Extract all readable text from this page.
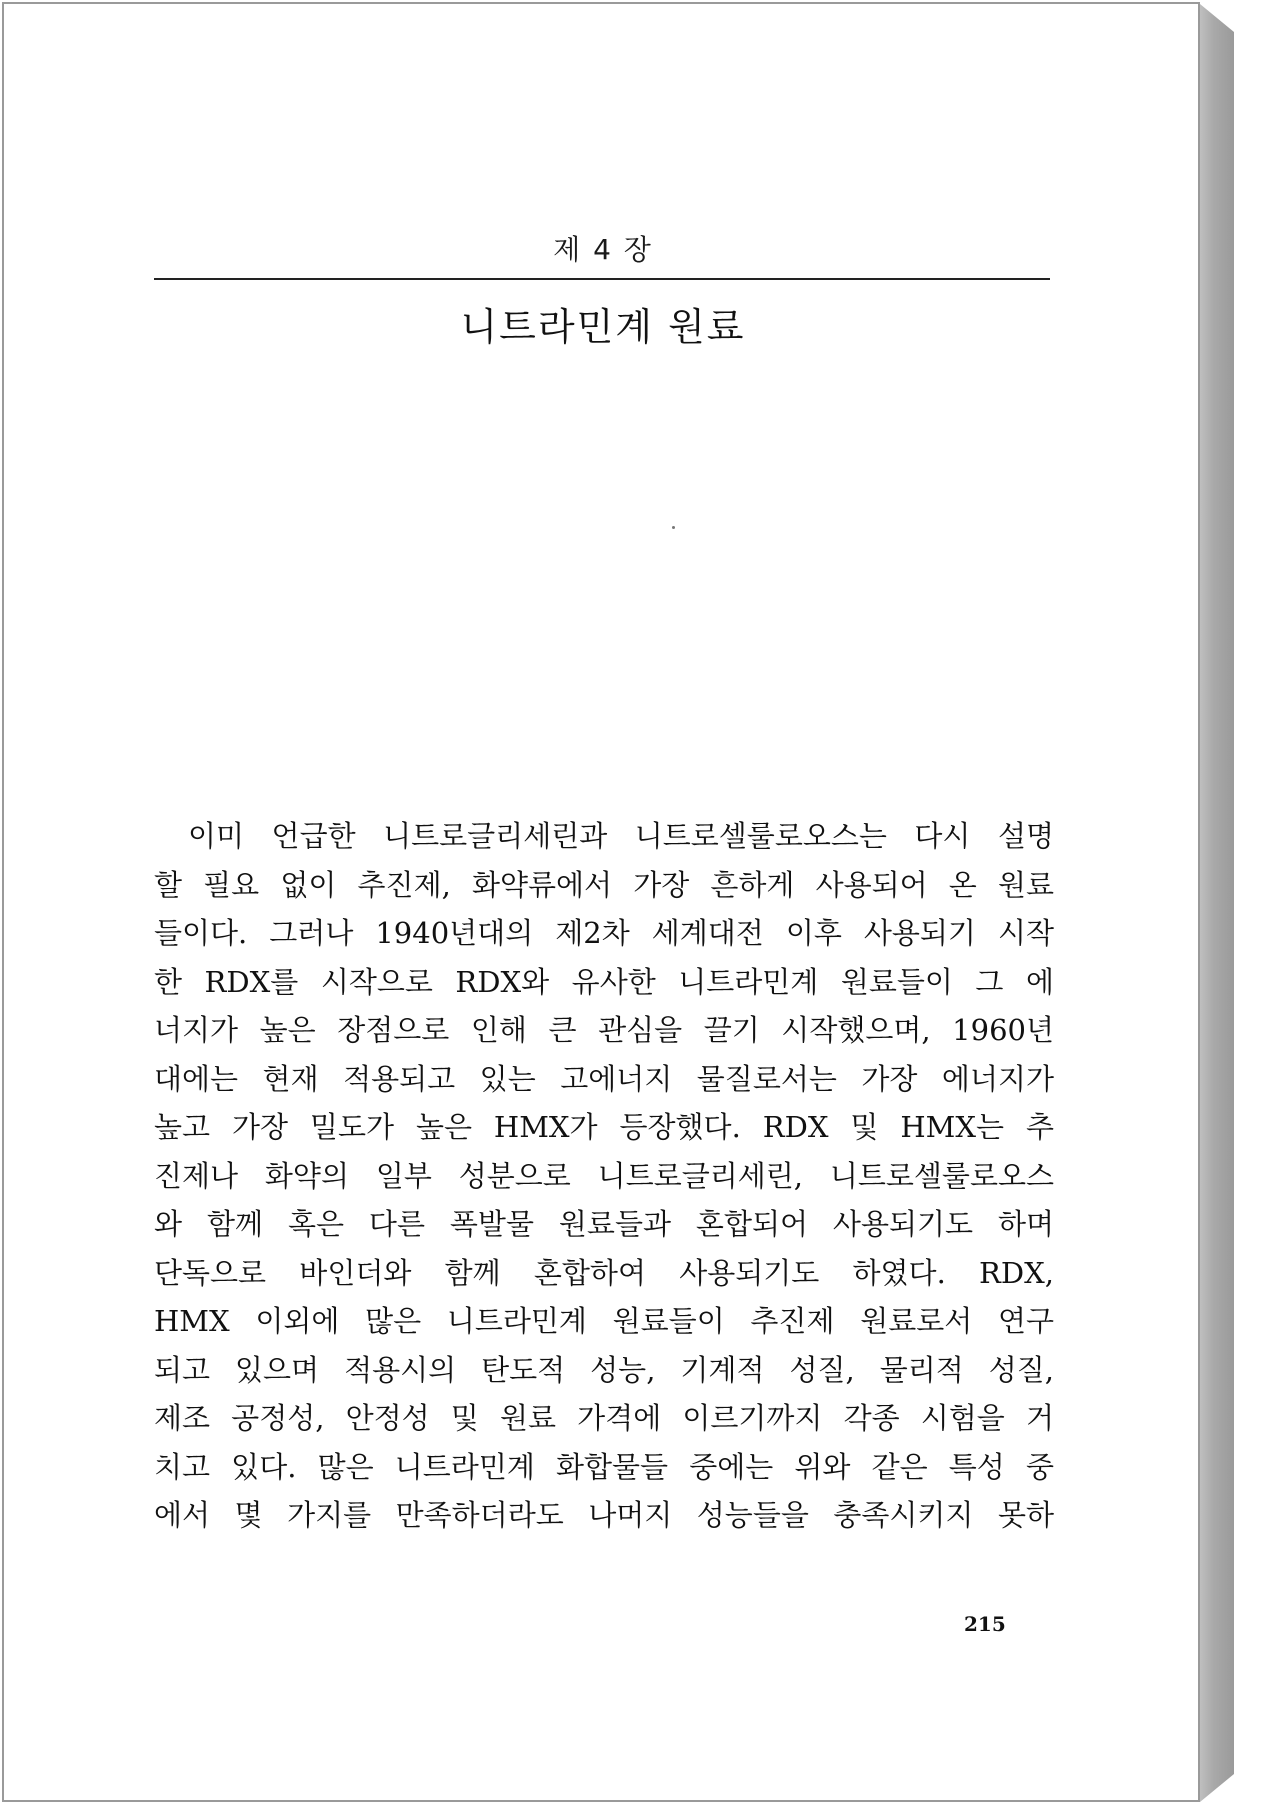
제 4 장
니트라민계 원료
이미 언급한 니트로글리세린과 니트로셀룰로오스는 다시 설명
할 필요 없이 추진제, 화약류에서 가장 흔하게 사용되어 온 원료
들이다. 그러나 1940년대의 제2차 세계대전 이후 사용되기 시작
한 RDX를 시작으로 RDX와 유사한 니트라민계 원료들이 그 에
너지가 높은 장점으로 인해 큰 관심을 끌기 시작했으며, 1960년
대에는 현재 적용되고 있는 고에너지 물질로서는 가장 에너지가
높고 가장 밀도가 높은 HMX가 등장했다. RDX 및 HMX는 추
진제나 화약의 일부 성분으로 니트로글리세린, 니트로셀룰로오스
와 함께 혹은 다른 폭발물 원료들과 혼합되어 사용되기도 하며
단독으로 바인더와 함께 혼합하여 사용되기도 하였다. RDX,
HMX 이외에 많은 니트라민계 원료들이 추진제 원료로서 연구
되고 있으며 적용시의 탄도적 성능, 기계적 성질, 물리적 성질,
제조 공정성, 안정성 및 원료 가격에 이르기까지 각종 시험을 거
치고 있다. 많은 니트라민계 화합물들 중에는 위와 같은 특성 중
에서 몇 가지를 만족하더라도 나머지 성능들을 충족시키지 못하
215
